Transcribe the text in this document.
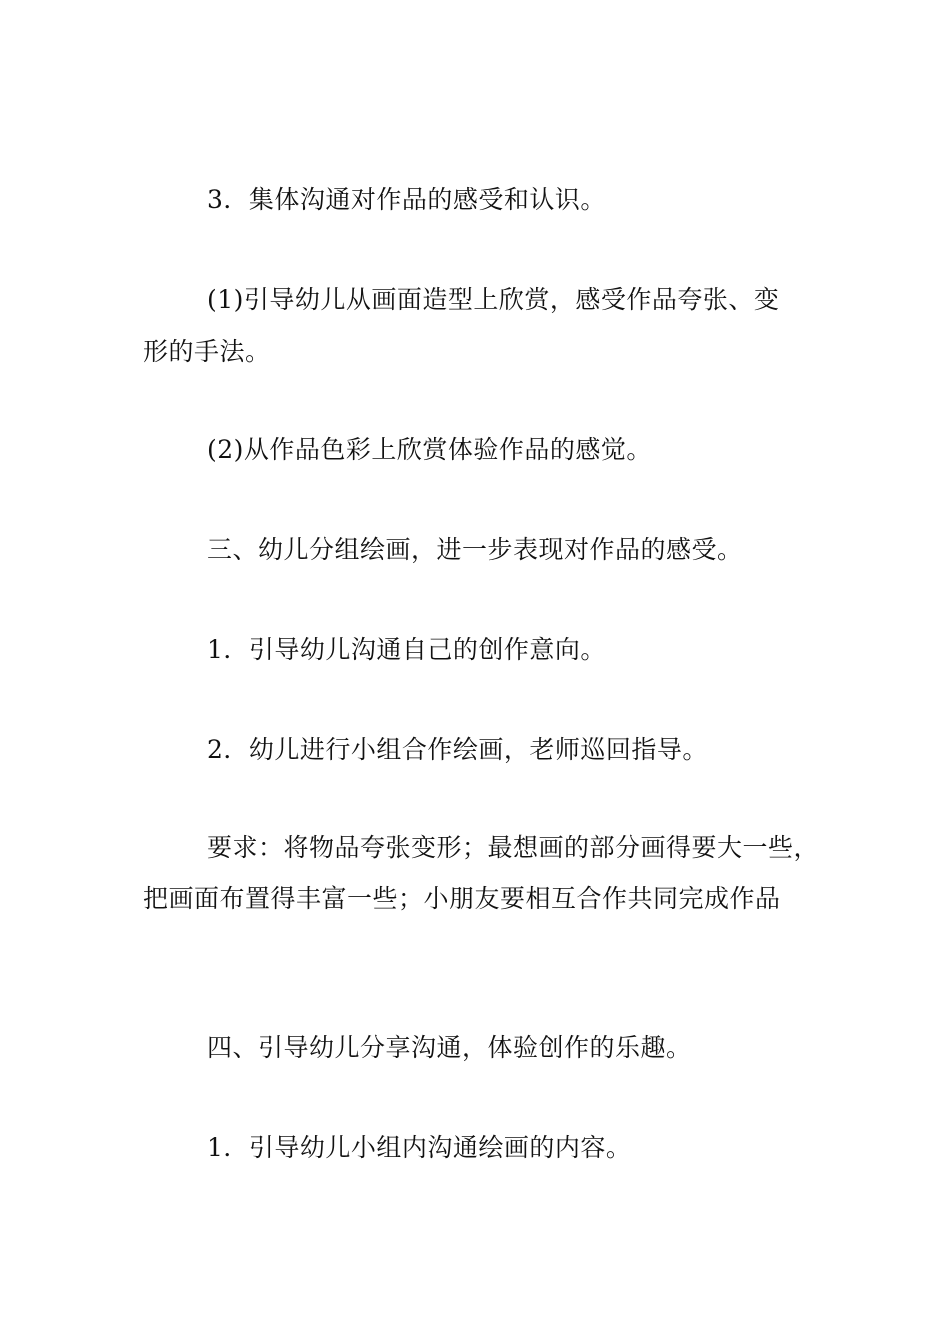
3．集体沟通对作品的感受和认识。
(1)引导幼儿从画面造型上欣赏，感受作品夸张、变
形的手法。
(2)从作品色彩上欣赏体验作品的感觉。
三、幼儿分组绘画，进一步表现对作品的感受。
1．引导幼儿沟通自己的创作意向。
2．幼儿进行小组合作绘画，老师巡回指导。
要求：将物品夸张变形；最想画的部分画得要大一些，
把画面布置得丰富一些；小朋友要相互合作共同完成作品
四、引导幼儿分享沟通，体验创作的乐趣。
1．引导幼儿小组内沟通绘画的内容。
